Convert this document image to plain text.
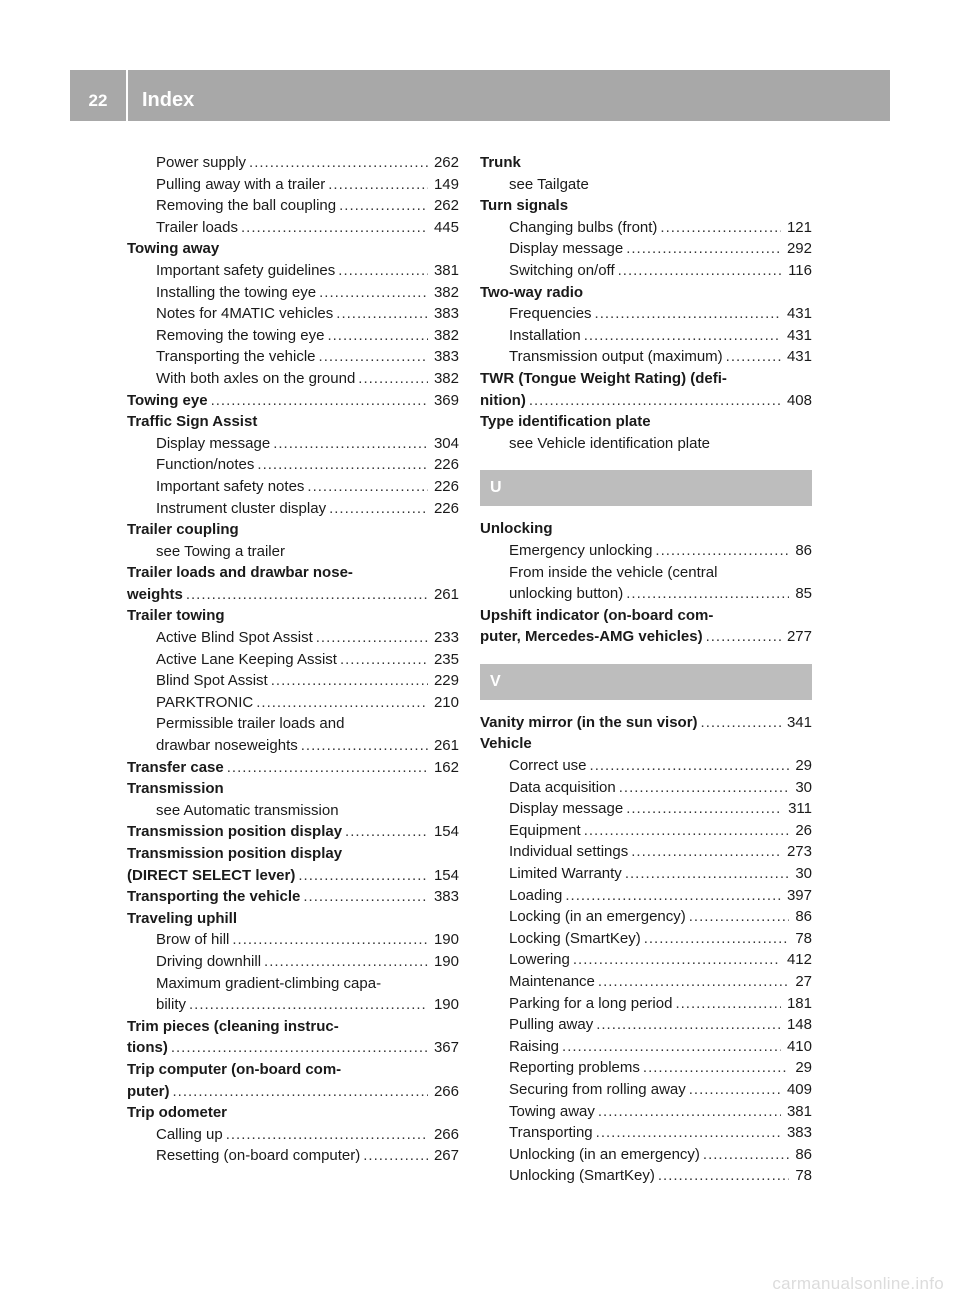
22	Index
Power supply .....	262
Pulling away with a trailer .....	149
Removing the ball coupling .....	262
Trailer loads .....	445
Towing away
Important safety guidelines .....	381
Installing the towing eye .....	382
Notes for 4MATIC vehicles .....	383
Removing the towing eye .....	382
Transporting the vehicle .....	383
With both axles on the ground .....	382
Towing eye .....	369
Traffic Sign Assist
Display message .....	304
Function/notes .....	226
Important safety notes .....	226
Instrument cluster display .....	226
Trailer coupling
see Towing a trailer
Trailer loads and drawbar nose-
weights .....	261
Trailer towing
Active Blind Spot Assist .....	233
Active Lane Keeping Assist .....	235
Blind Spot Assist .....	229
PARKTRONIC .....	210
Permissible trailer loads and
drawbar noseweights .....	261
Transfer case .....	162
Transmission
see Automatic transmission
Transmission position display .....	154
Transmission position display
(DIRECT SELECT lever) .....	154
Transporting the vehicle .....	383
Traveling uphill
Brow of hill .....	190
Driving downhill .....	190
Maximum gradient-climbing capa-
bility .....	190
Trim pieces (cleaning instruc-
tions) .....	367
Trip computer (on-board com-
puter) .....	266
Trip odometer
Calling up .....	266
Resetting (on-board computer) .....	267
Trunk
see Tailgate
Turn signals
Changing bulbs (front) .....	121
Display message .....	292
Switching on/off .....	116
Two-way radio
Frequencies .....	431
Installation .....	431
Transmission output (maximum) .....	431
TWR (Tongue Weight Rating) (defi-
nition) .....	408
Type identification plate
see Vehicle identification plate
U
Unlocking
Emergency unlocking .....	86
From inside the vehicle (central
unlocking button) .....	85
Upshift indicator (on-board com-
puter, Mercedes-AMG vehicles) .....	277
V
Vanity mirror (in the sun visor) .....	341
Vehicle
Correct use .....	29
Data acquisition .....	30
Display message .....	311
Equipment .....	26
Individual settings .....	273
Limited Warranty .....	30
Loading .....	397
Locking (in an emergency) .....	86
Locking (SmartKey) .....	78
Lowering .....	412
Maintenance .....	27
Parking for a long period .....	181
Pulling away .....	148
Raising .....	410
Reporting problems .....	29
Securing from rolling away .....	409
Towing away .....	381
Transporting .....	383
Unlocking (in an emergency) .....	86
Unlocking (SmartKey) .....	78
carmanualsonline.info
